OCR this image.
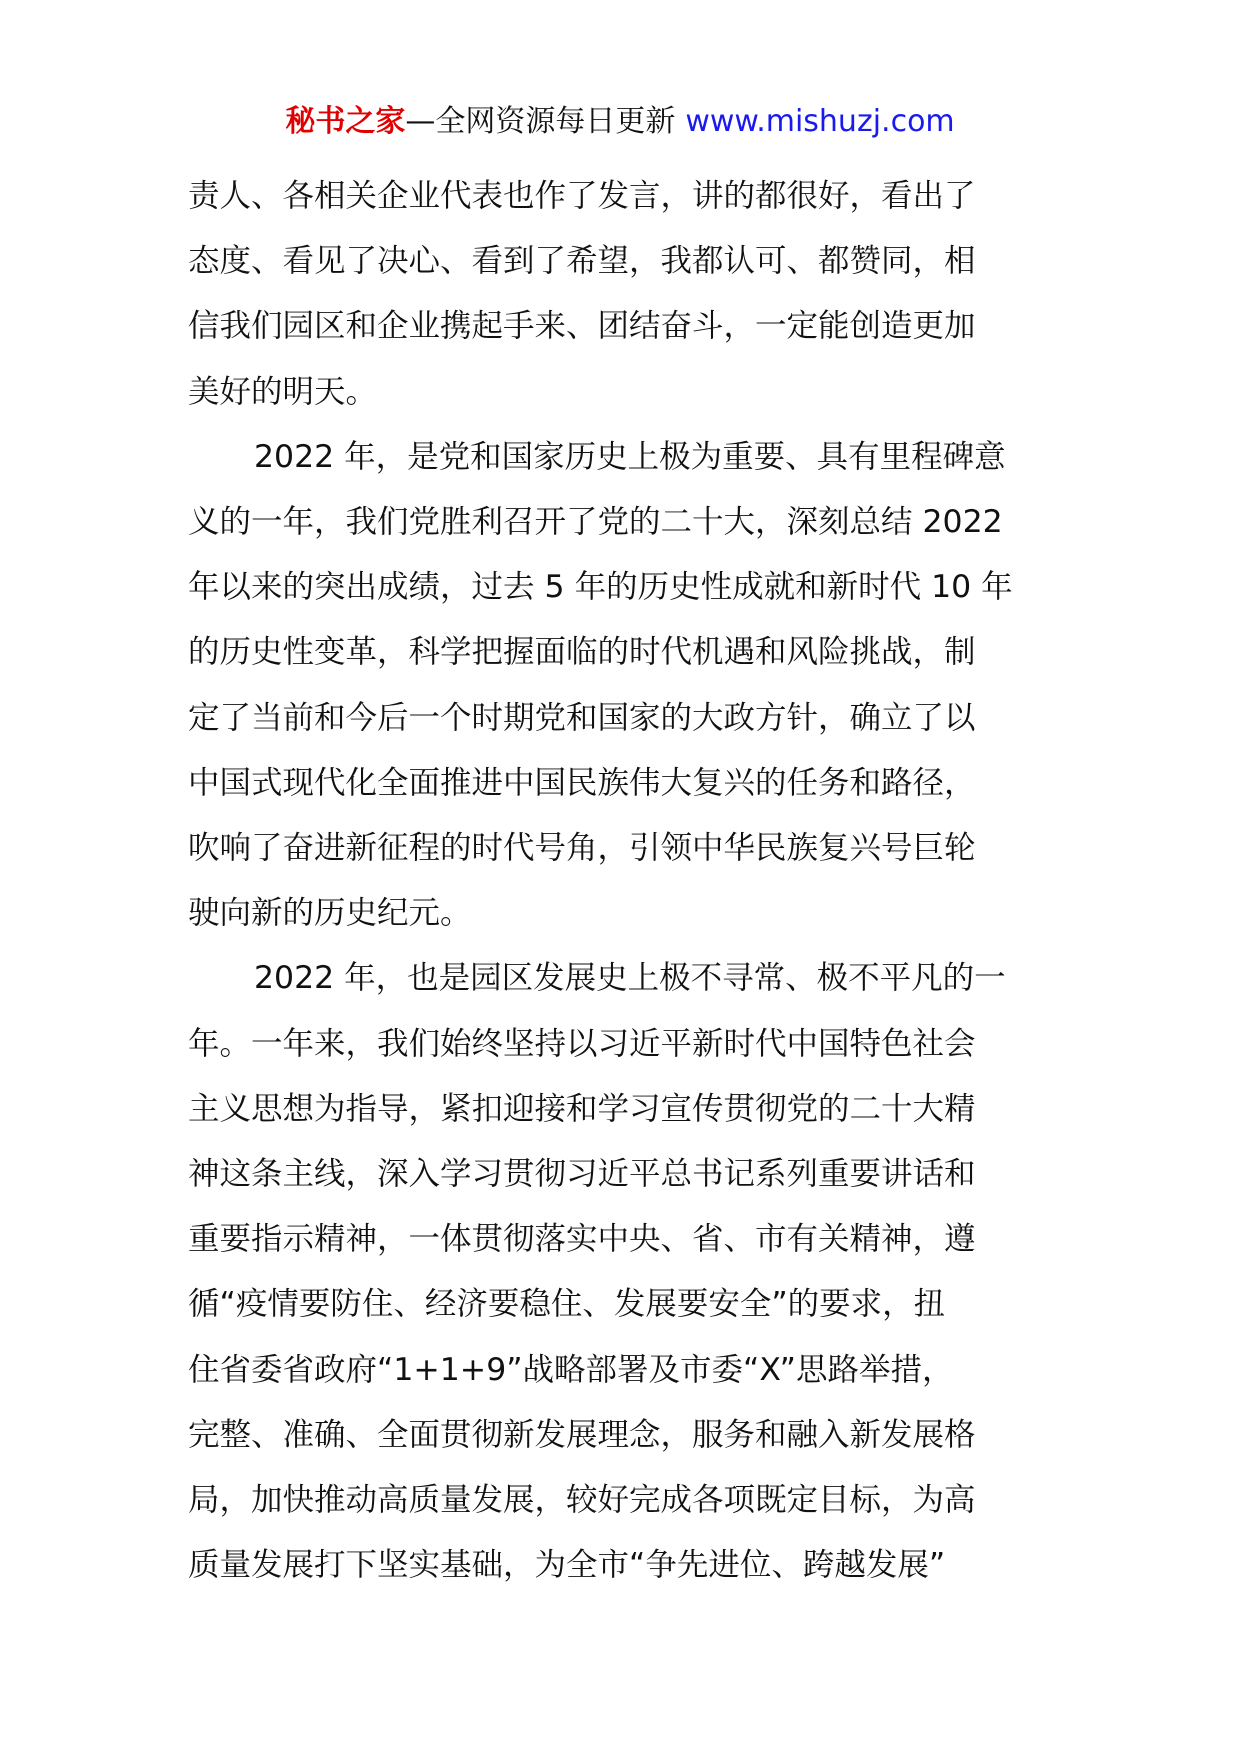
秘书之家—全网资源每日更新 www.mishuzj.com

责人、各相关企业代表也作了发言，讲的都很好，看出了
态度、看见了决心、看到了希望，我都认可、都赞同，相
信我们园区和企业携起手来、团结奋斗，一定能创造更加
美好的明天。

2022 年，是党和国家历史上极为重要、具有里程碑意
义的一年，我们党胜利召开了党的二十大，深刻总结 2022
年以来的突出成绩，过去 5 年的历史性成就和新时代 10 年
的历史性变革，科学把握面临的时代机遇和风险挑战，制
定了当前和今后一个时期党和国家的大政方针，确立了以
中国式现代化全面推进中国民族伟大复兴的任务和路径，
吹响了奋进新征程的时代号角，引领中华民族复兴号巨轮
驶向新的历史纪元。

2022 年，也是园区发展史上极不寻常、极不平凡的一
年。一年来，我们始终坚持以习近平新时代中国特色社会
主义思想为指导，紧扣迎接和学习宣传贯彻党的二十大精
神这条主线，深入学习贯彻习近平总书记系列重要讲话和
重要指示精神，一体贯彻落实中央、省、市有关精神，遵
循“疫情要防住、经济要稳住、发展要安全”的要求，扭
住省委省政府“1+1+9”战略部署及市委“X”思路举措，
完整、准确、全面贯彻新发展理念，服务和融入新发展格
局，加快推动高质量发展，较好完成各项既定目标，为高
质量发展打下坚实基础，为全市“争先进位、跨越发展”
